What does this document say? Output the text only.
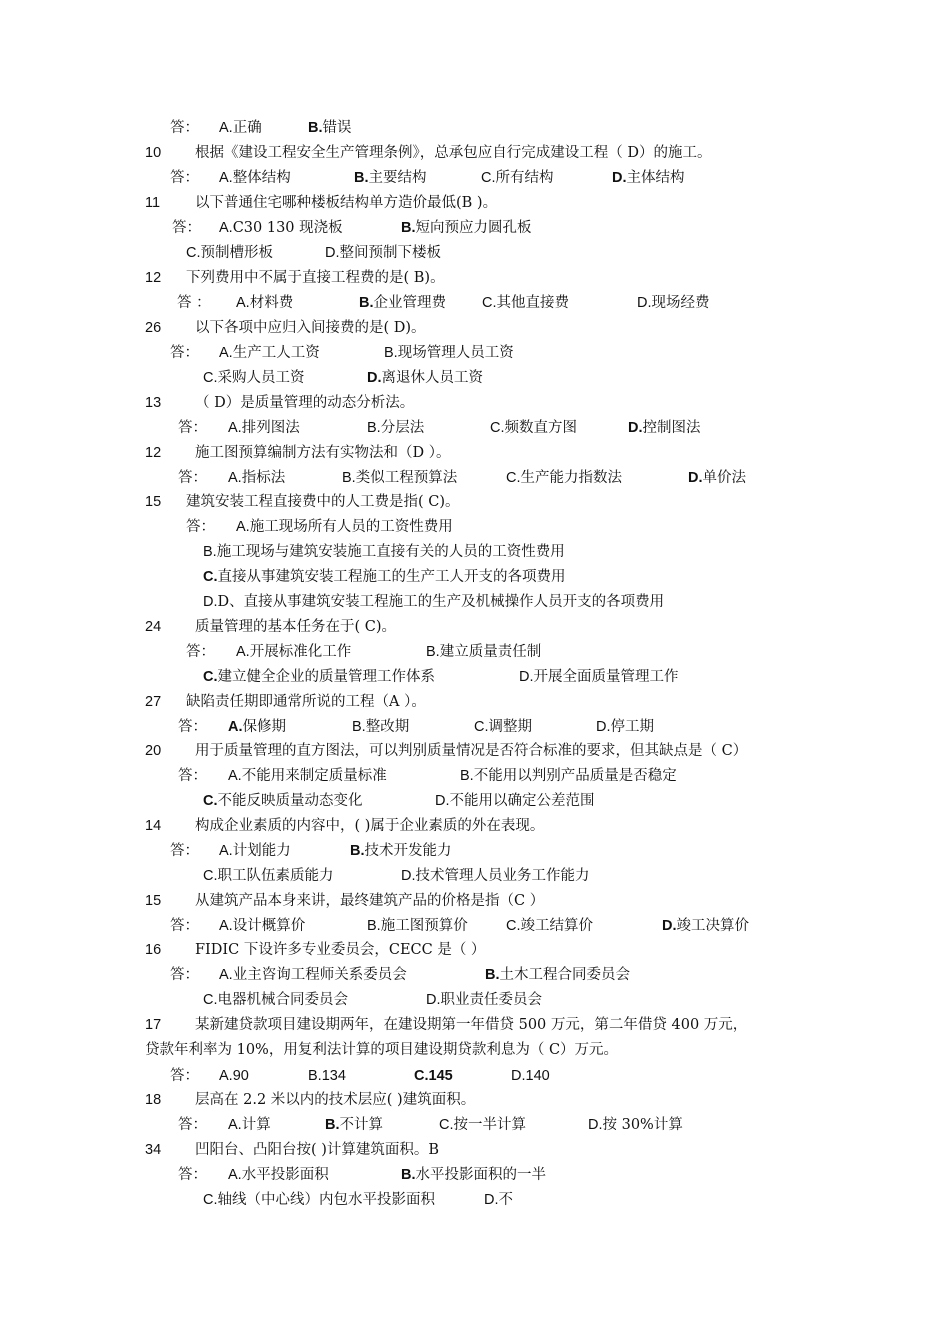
答： A.正确	B.错误
10 根据《建设工程安全生产管理条例》，总承包应自行完成建设工程（ D）的施工。
答： A.整体结构	B.主要结构	C.所有结构	D.主体结构
11 以下普通住宅哪种楼板结构单方造价最低(B )。
答： A.C30 130 现浇板	B.短向预应力圆孔板
C.预制槽形板	D.整间预制下楼板
12 下列费用中不属于直接工程费的是( B)。
答 ： A.材料费	B.企业管理费 C.其他直接费	D.现场经费
26 以下各项中应归入间接费的是( D)。
答： A.生产工人工资	B.现场管理人员工资
C.采购人员工资	D.离退休人员工资
13 （ D）是质量管理的动态分析法。
答： A.排列图法	B.分层法	C.频数直方图	D.控制图法
12 施工图预算编制方法有实物法和（D ）。
答： A.指标法	B.类似工程预算法	C.生产能力指数法	D.单价法
15 建筑安装工程直接费中的人工费是指( C)。
答： A.施工现场所有人员的工资性费用
B.施工现场与建筑安装施工直接有关的人员的工资性费用
C.直接从事建筑安装工程施工的生产工人开支的各项费用
D.D、直接从事建筑安装工程施工的生产及机械操作人员开支的各项费用
24 质量管理的基本任务在于( C)。
答： A.开展标准化工作	B.建立质量责任制
C.建立健全企业的质量管理工作体系	D.开展全面质量管理工作
27 缺陷责任期即通常所说的工程（A ）。
答： A.保修期	B.整改期	C.调整期	D.停工期
20 用于质量管理的直方图法，可以判别质量情况是否符合标准的要求，但其缺点是（ C）
答： A.不能用来制定质量标准	B.不能用以判别产品质量是否稳定
C.不能反映质量动态变化	D.不能用以确定公差范围
14 构成企业素质的内容中，( )属于企业素质的外在表现。
答： A.计划能力	B.技术开发能力
C.职工队伍素质能力	D.技术管理人员业务工作能力
15 从建筑产品本身来讲，最终建筑产品的价格是指（C ）
答： A.设计概算价	B.施工图预算价	C.竣工结算价	D.竣工决算价
16 FIDIC 下设许多专业委员会，CECC 是（ ）
答： A.业主咨询工程师关系委员会	B.土木工程合同委员会
C.电器机械合同委员会	D.职业责任委员会
17 某新建贷款项目建设期两年，在建设期第一年借贷 500 万元，第二年借贷 400 万元，
贷款年利率为 10%，用复利法计算的项目建设期贷款利息为（ C）万元。
答： A.90	B.134	C.145	D.140
18 层高在 2.2 米以内的技术层应( )建筑面积。
答： A.计算	B.不计算	C.按一半计算	D.按 30%计算
34 凹阳台、凸阳台按( )计算建筑面积。B
答： A.水平投影面积	B.水平投影面积的一半
C.轴线（中心线）内包水平投影面积	D.不
